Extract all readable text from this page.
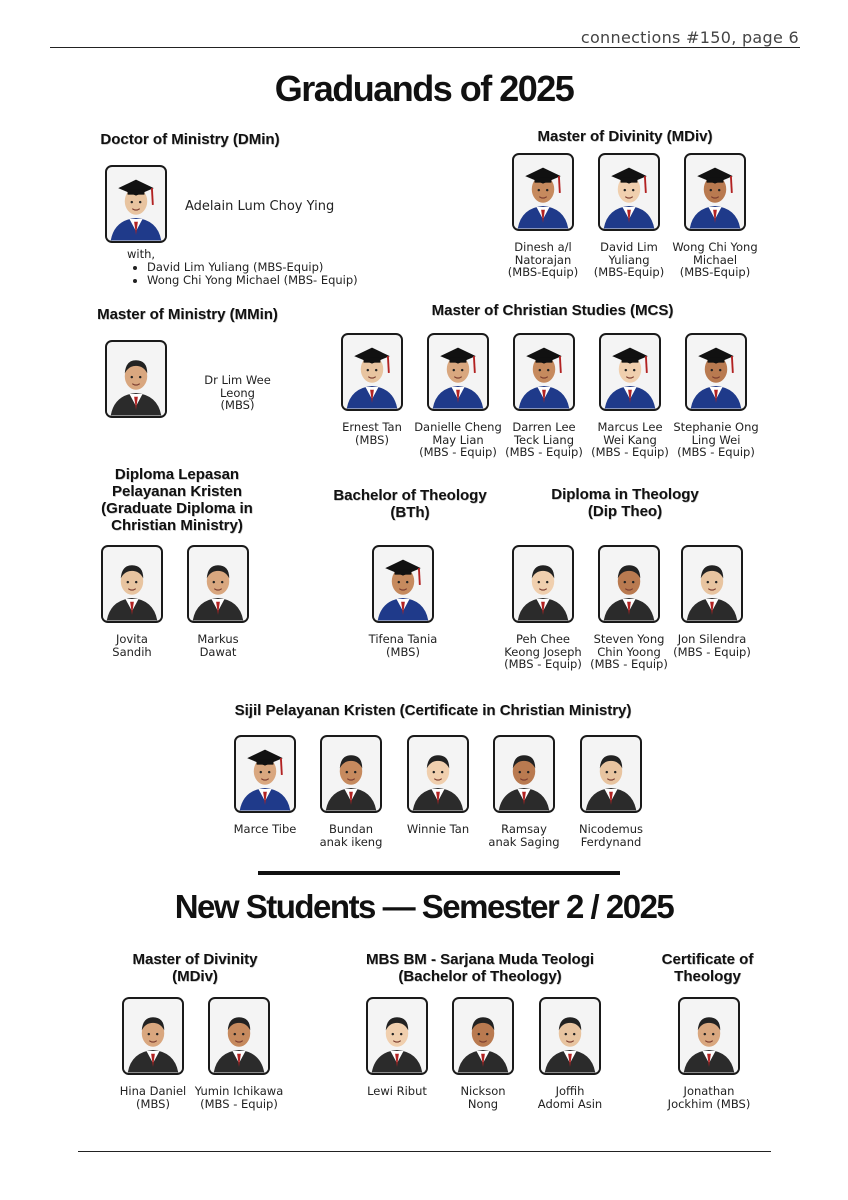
connections #150, page 6
Graduands of 2025
Doctor of Ministry (DMin)
Adelain Lum Choy Ying
with,
• David Lim Yuliang (MBS-Equip)
• Wong Chi Yong Michael (MBS- Equip)
Master of Divinity (MDiv)
Master of Ministry (MMin)
Dr Lim Wee Leong
(MBS)
Master of Christian Studies (MCS)
Diploma Lepasan
Pelayanan Kristen
(Graduate Diploma in
Christian Ministry)
Bachelor of Theology
(BTh)
Diploma in Theology
(Dip Theo)
Sijil Pelayanan Kristen (Certificate in Christian Ministry)
New Students — Semester 2 / 2025
Master of Divinity
(MDiv)
MBS BM - Sarjana Muda Teologi
(Bachelor of Theology)
Certificate of
Theology
Dinesh a/l
Natorajan
(MBS-Equip)
David Lim
Yuliang
(MBS-Equip)
Wong Chi Yong
Michael
(MBS-Equip)
Ernest Tan
(MBS)
Danielle Cheng
May Lian
(MBS - Equip)
Darren Lee
Teck Liang
(MBS - Equip)
Marcus Lee
Wei Kang
(MBS - Equip)
Stephanie Ong
Ling Wei
(MBS - Equip)
Jovita
Sandih
Markus
Dawat
Tifena Tania
(MBS)
Peh Chee
Keong Joseph
(MBS - Equip)
Steven Yong
Chin Yoong
(MBS - Equip)
Jon Silendra
(MBS - Equip)
Marce Tibe	Bundan
anak ikeng
Winnie Tan	Ramsay
anak Saging
Nicodemus
Ferdynand
Hina Daniel
(MBS)
Yumin Ichikawa
(MBS - Equip)
Lewi Ribut	Nickson
Nong
Joffih
Adomi Asin
Jonathan
Jockhim (MBS)
